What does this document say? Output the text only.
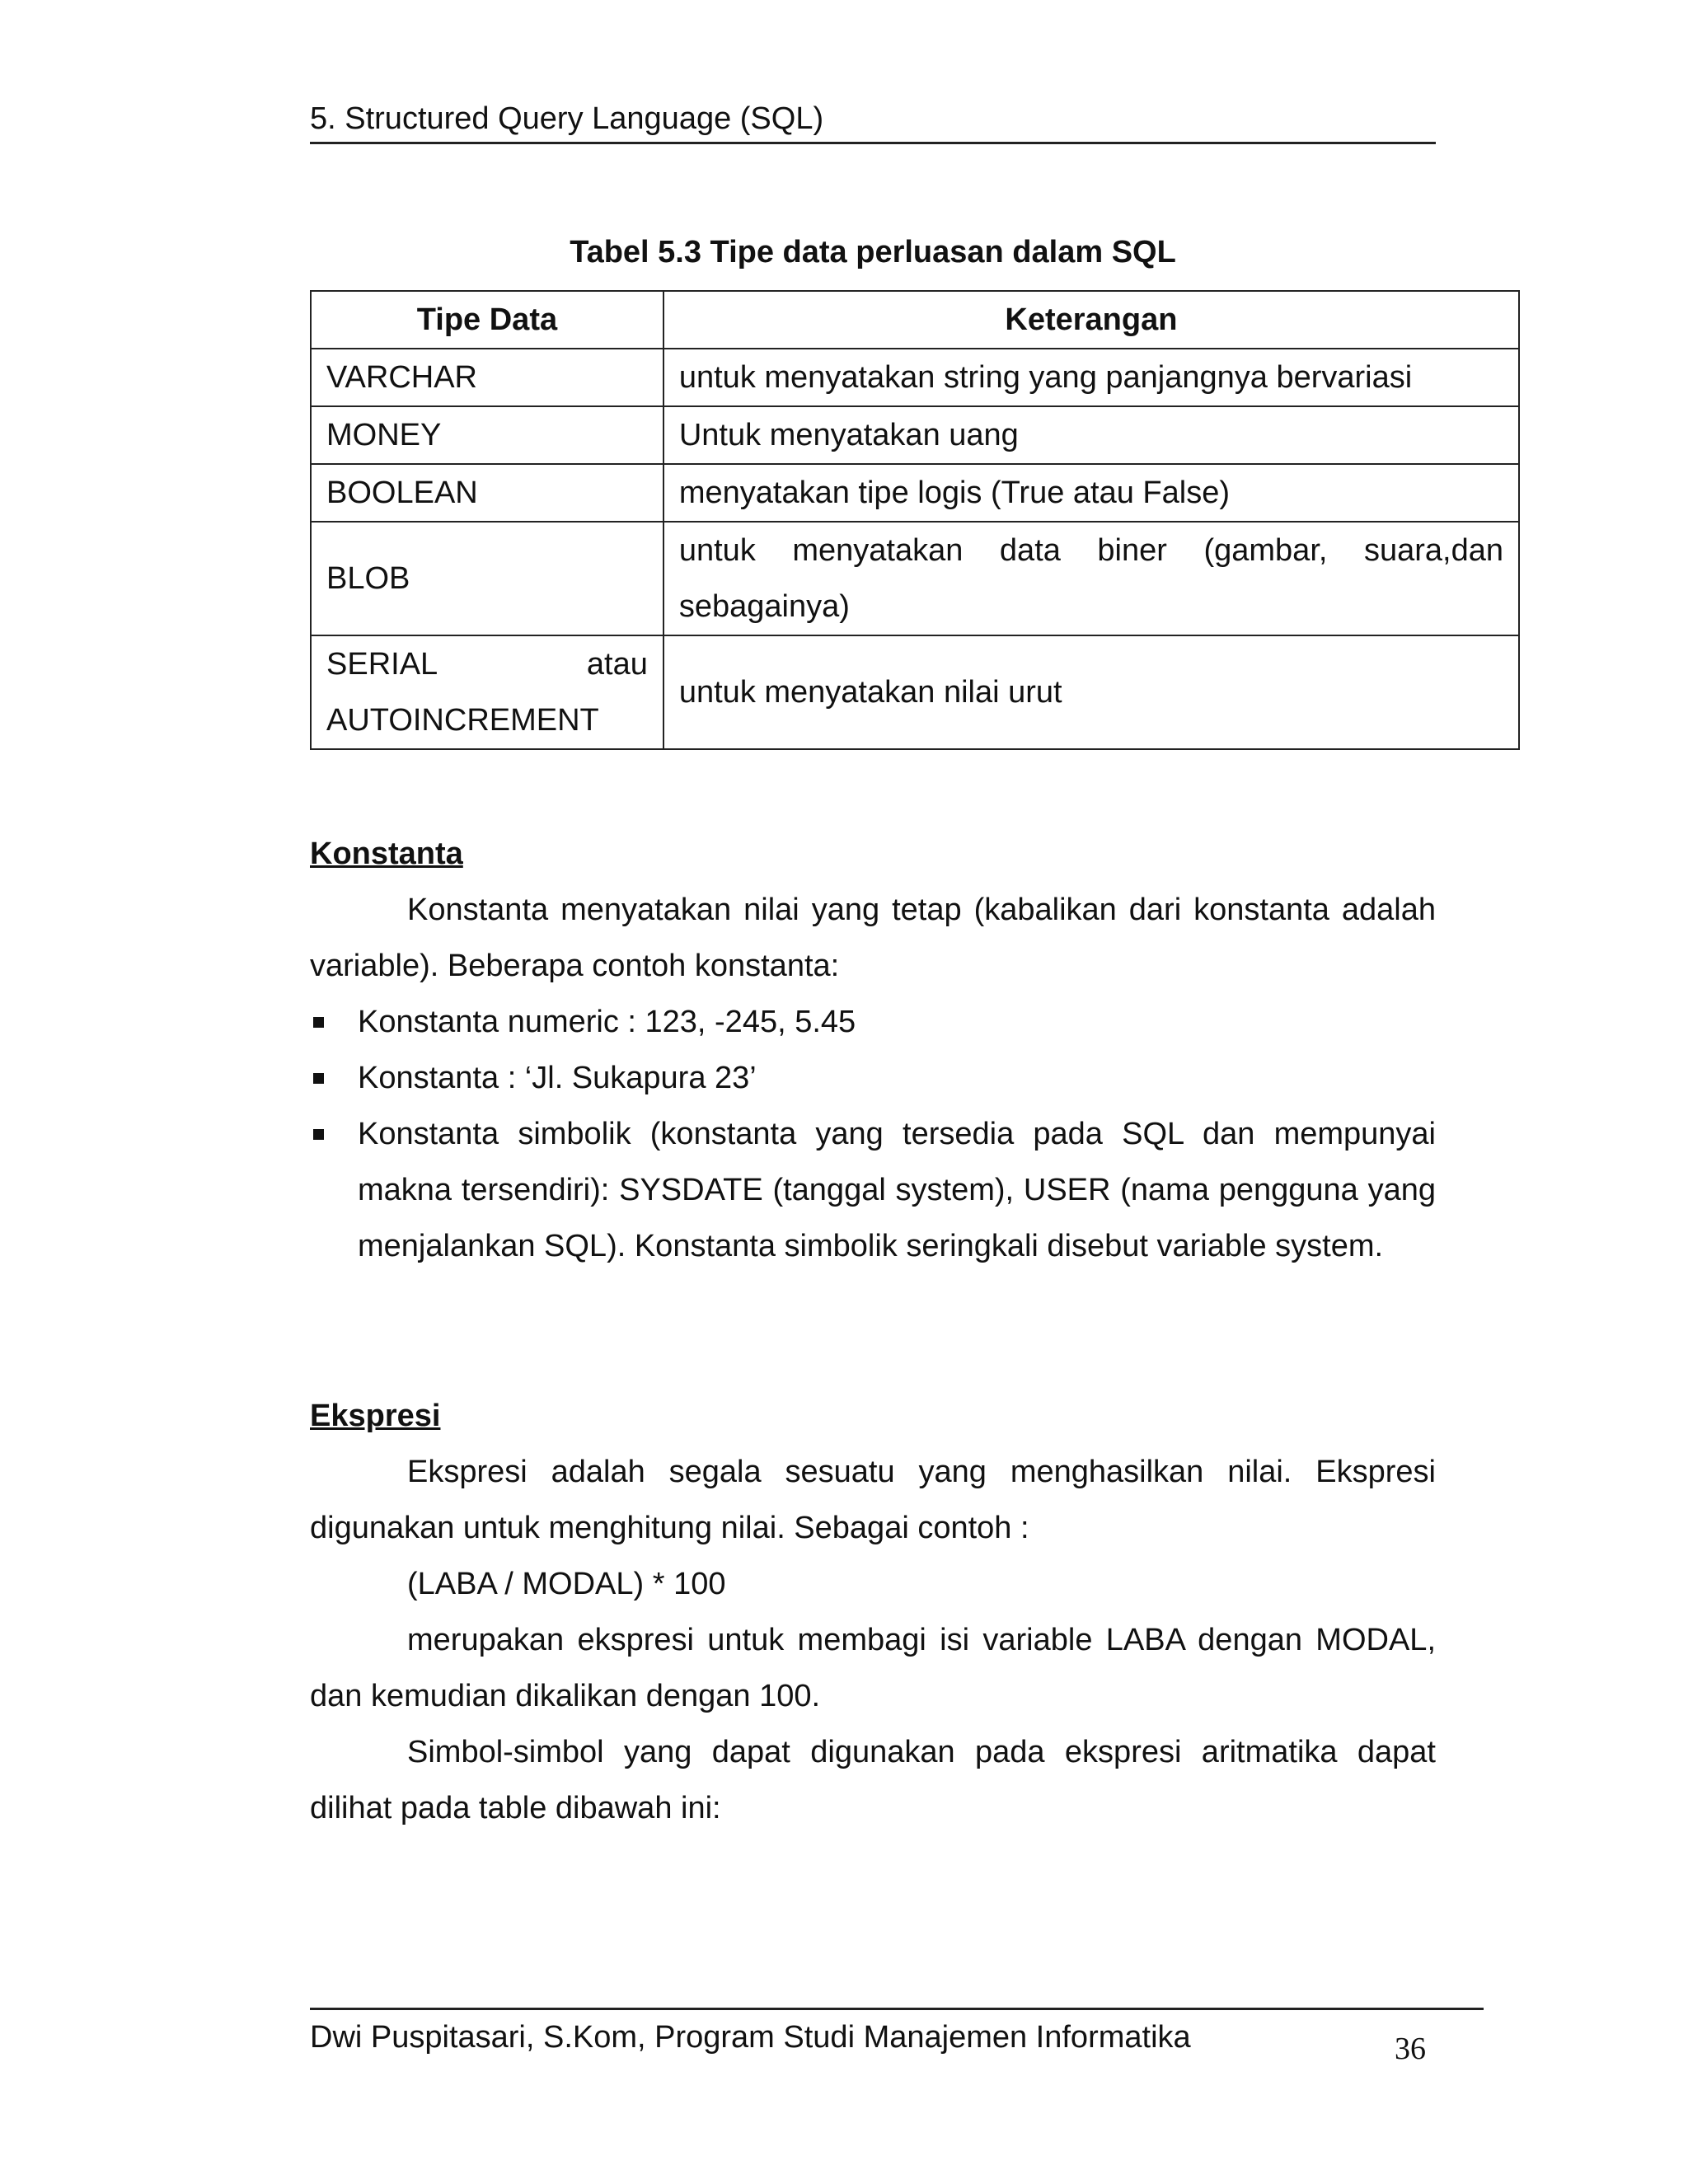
5. Structured Query Language (SQL)
Tabel 5.3 Tipe data perluasan dalam SQL
Tipe Data	Keterangan
VARCHAR	untuk menyatakan string yang panjangnya bervariasi
MONEY	Untuk menyatakan uang
BOOLEAN	menyatakan tipe logis (True atau False)
BLOB	untuk menyatakan data biner (gambar, suara,dan
sebagainya)

SERIAL atau
AUTOINCREMENT	untuk menyatakan nilai urut
Konstanta
Konstanta menyatakan nilai yang tetap (kabalikan dari konstanta adalah variable). Beberapa contoh konstanta:
Konstanta numeric : 123, -245, 5.45
Konstanta : ‘Jl. Sukapura 23’
Konstanta simbolik (konstanta yang tersedia pada SQL dan mempunyai makna tersendiri): SYSDATE (tanggal system), USER (nama pengguna yang menjalankan SQL). Konstanta simbolik seringkali disebut variable system.
Ekspresi
Ekspresi adalah segala sesuatu yang menghasilkan nilai. Ekspresi digunakan untuk menghitung nilai. Sebagai contoh :
(LABA / MODAL) * 100
merupakan ekspresi untuk membagi isi variable LABA dengan MODAL, dan kemudian dikalikan dengan 100.
Simbol-simbol yang dapat digunakan pada ekspresi aritmatika dapat dilihat pada table dibawah ini:
Dwi Puspitasari, S.Kom, Program Studi Manajemen Informatika	36
